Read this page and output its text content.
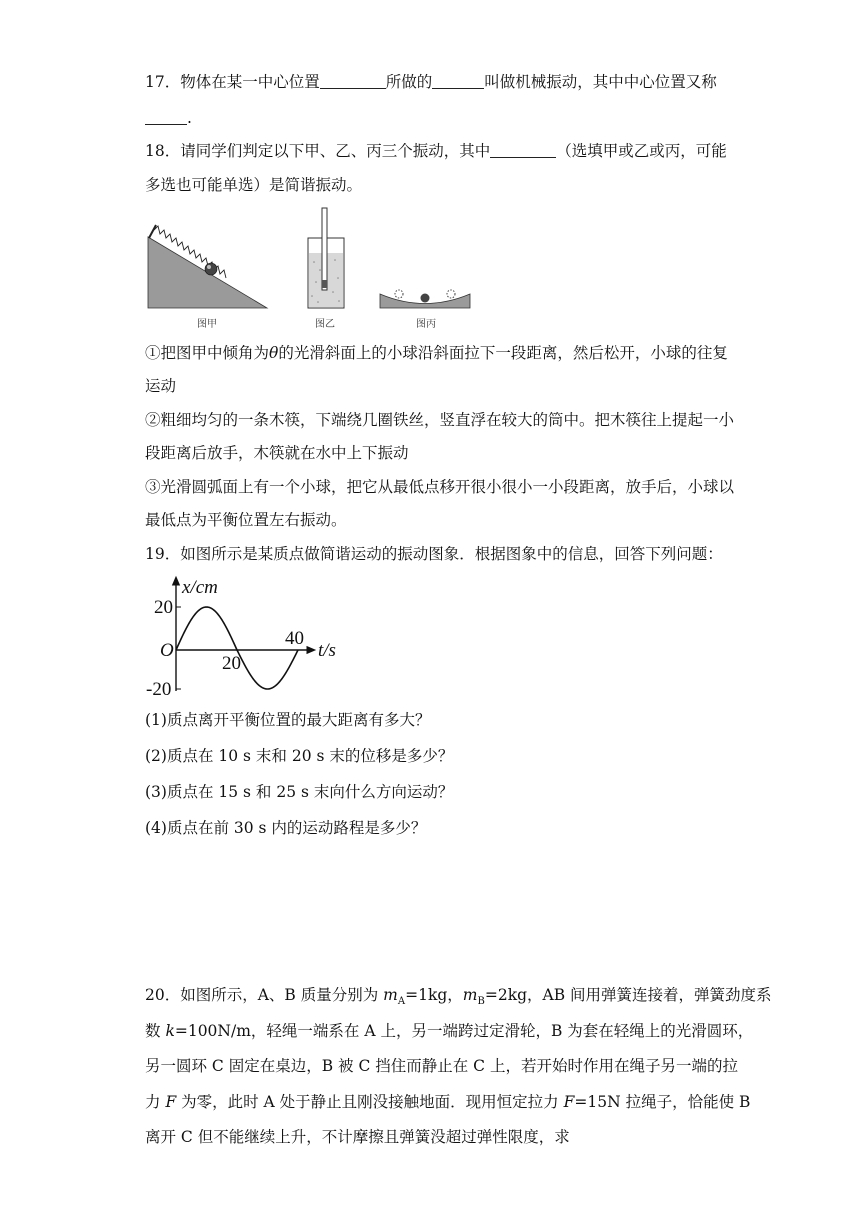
17．物体在某一中心位置	所做的	叫做机械振动，其中中心位置又称
.
18．请同学们判定以下甲、乙、丙三个振动，其中	（选填甲或乙或丙，可能
多选也可能单选）是简谐振动。
图甲	图乙	图丙
①把图甲中倾角为θ的光滑斜面上的小球沿斜面拉下一段距离，然后松开，小球的往复
运动
②粗细均匀的一条木筷，下端绕几圈铁丝，竖直浮在较大的筒中。把木筷往上提起一小
段距离后放手，木筷就在水中上下振动
③光滑圆弧面上有一个小球，把它从最低点移开很小很小一小段距离，放手后，小球以
最低点为平衡位置左右振动。
19．如图所示是某质点做简谐运动的振动图象．根据图象中的信息，回答下列问题：
x/cm
t/s
O
20
-20
20
40
(1)质点离开平衡位置的最大距离有多大？
(2)质点在 10 s 末和 20 s 末的位移是多少？
(3)质点在 15 s 和 25 s 末向什么方向运动？
(4)质点在前 30 s 内的运动路程是多少？
20．如图所示，A、B 质量分别为 $m_A=1kg$，$m_B=2kg$，AB 间用弹簧连接着，弹簧劲度系
数 k=100N/m，轻绳一端系在 A 上，另一端跨过定滑轮，B 为套在轻绳上的光滑圆环，
另一圆环 C 固定在桌边，B 被 C 挡住而静止在 C 上，若开始时作用在绳子另一端的拉
力 F 为零，此时 A 处于静止且刚没接触地面．现用恒定拉力 F=15N 拉绳子，恰能使 B
离开 C 但不能继续上升，不计摩擦且弹簧没超过弹性限度，求
